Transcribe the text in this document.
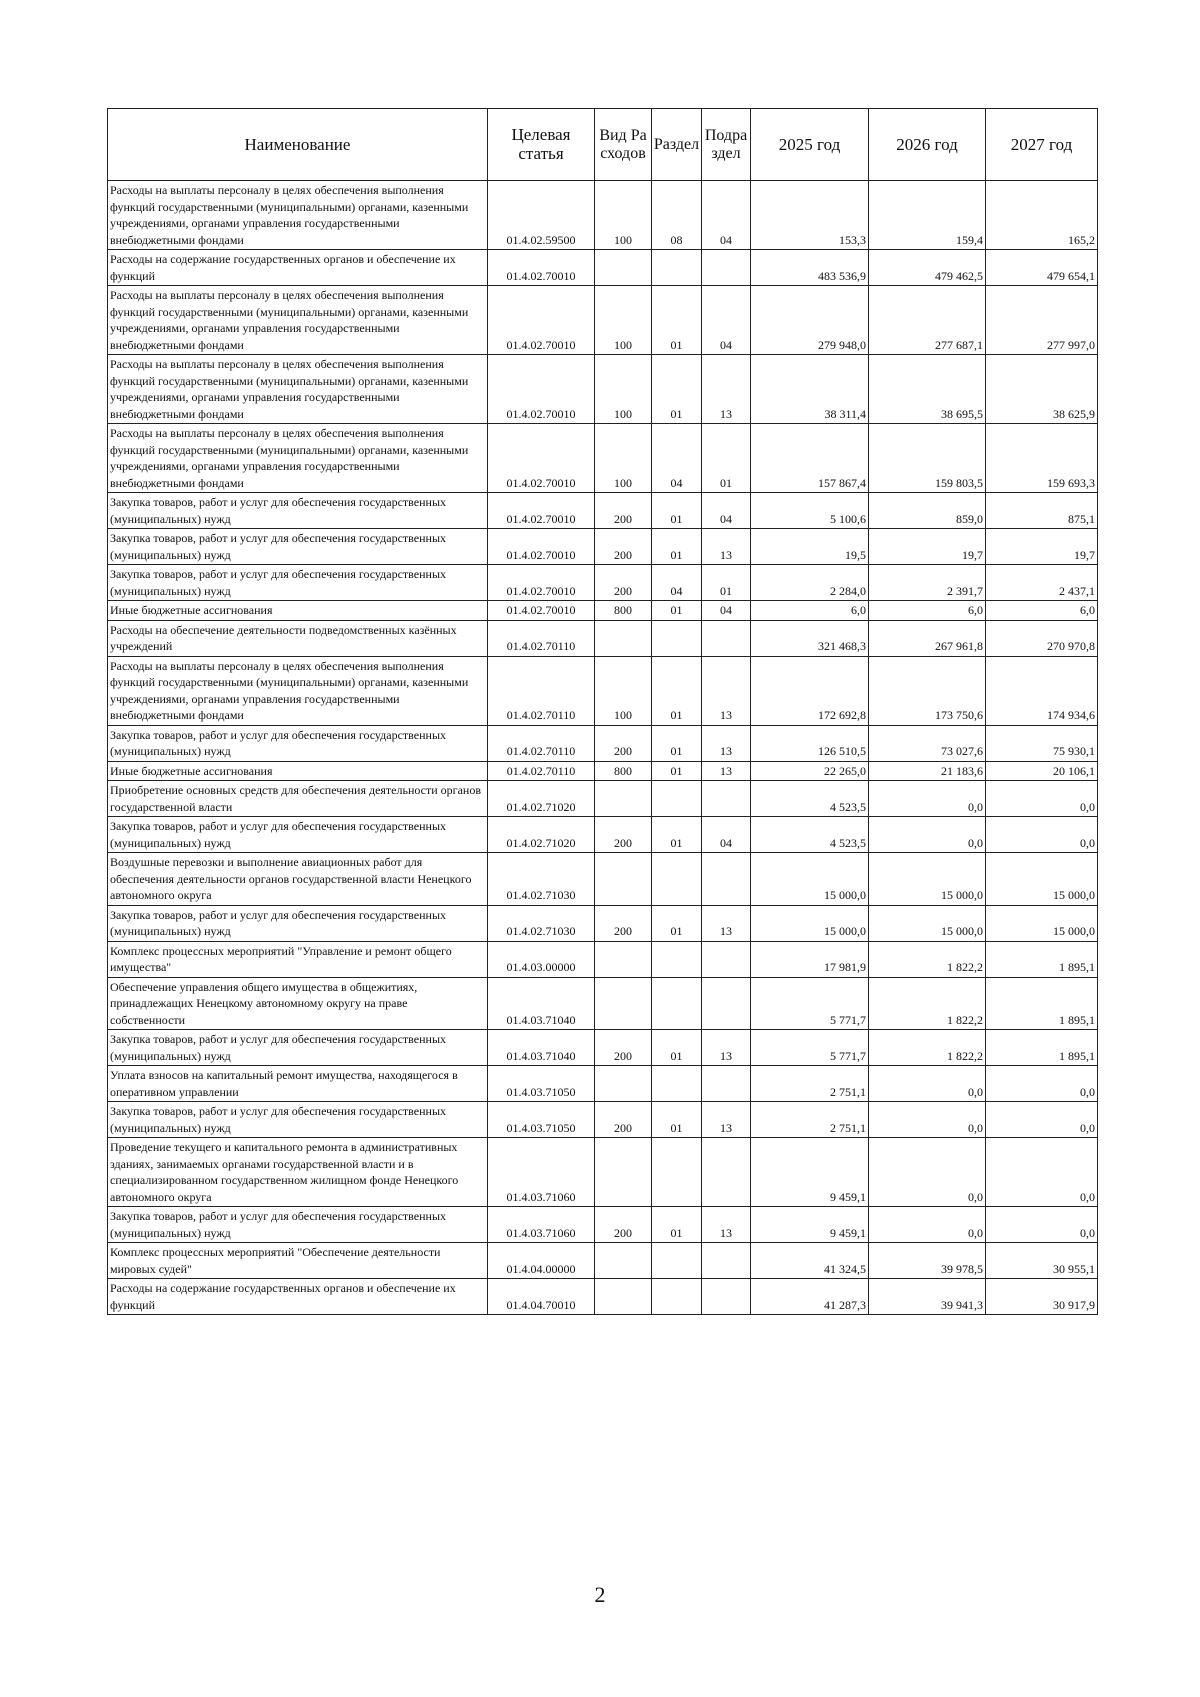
Наименование	Целевая статья	Вид Расходов	Раздел	Подраздел	2025 год	2026 год	2027 год
Расходы на выплаты персоналу в целях обеспечения выполнения функций государственными (муниципальными) органами, казенными учреждениями, органами управления государственными внебюджетными фондами	01.4.02.59500	100	08	04	153,3	159,4	165,2
Расходы на содержание государственных органов и обеспечение их функций	01.4.02.70010				483 536,9	479 462,5	479 654,1
Расходы на выплаты персоналу в целях обеспечения выполнения функций государственными (муниципальными) органами, казенными учреждениями, органами управления государственными внебюджетными фондами	01.4.02.70010	100	01	04	279 948,0	277 687,1	277 997,0
Расходы на выплаты персоналу в целях обеспечения выполнения функций государственными (муниципальными) органами, казенными учреждениями, органами управления государственными внебюджетными фондами	01.4.02.70010	100	01	13	38 311,4	38 695,5	38 625,9
Расходы на выплаты персоналу в целях обеспечения выполнения функций государственными (муниципальными) органами, казенными учреждениями, органами управления государственными внебюджетными фондами	01.4.02.70010	100	04	01	157 867,4	159 803,5	159 693,3
Закупка товаров, работ и услуг для обеспечения государственных (муниципальных) нужд	01.4.02.70010	200	01	04	5 100,6	859,0	875,1
Закупка товаров, работ и услуг для обеспечения государственных (муниципальных) нужд	01.4.02.70010	200	01	13	19,5	19,7	19,7
Закупка товаров, работ и услуг для обеспечения государственных (муниципальных) нужд	01.4.02.70010	200	04	01	2 284,0	2 391,7	2 437,1
Иные бюджетные ассигнования	01.4.02.70010	800	01	04	6,0	6,0	6,0
Расходы на обеспечение деятельности подведомственных казённых учреждений	01.4.02.70110				321 468,3	267 961,8	270 970,8
Расходы на выплаты персоналу в целях обеспечения выполнения функций государственными (муниципальными) органами, казенными учреждениями, органами управления государственными внебюджетными фондами	01.4.02.70110	100	01	13	172 692,8	173 750,6	174 934,6
Закупка товаров, работ и услуг для обеспечения государственных (муниципальных) нужд	01.4.02.70110	200	01	13	126 510,5	73 027,6	75 930,1
Иные бюджетные ассигнования	01.4.02.70110	800	01	13	22 265,0	21 183,6	20 106,1
Приобретение основных средств для обеспечения деятельности органов государственной власти	01.4.02.71020				4 523,5	0,0	0,0
Закупка товаров, работ и услуг для обеспечения государственных (муниципальных) нужд	01.4.02.71020	200	01	04	4 523,5	0,0	0,0
Воздушные перевозки и выполнение авиационных работ для обеспечения деятельности органов государственной власти Ненецкого автономного округа	01.4.02.71030				15 000,0	15 000,0	15 000,0
Закупка товаров, работ и услуг для обеспечения государственных (муниципальных) нужд	01.4.02.71030	200	01	13	15 000,0	15 000,0	15 000,0
Комплекс процессных мероприятий "Управление и ремонт общего имущества"	01.4.03.00000				17 981,9	1 822,2	1 895,1
Обеспечение управления общего имущества в общежитиях, принадлежащих Ненецкому автономному округу на праве собственности	01.4.03.71040				5 771,7	1 822,2	1 895,1
Закупка товаров, работ и услуг для обеспечения государственных (муниципальных) нужд	01.4.03.71040	200	01	13	5 771,7	1 822,2	1 895,1
Уплата взносов на капитальный ремонт имущества, находящегося в оперативном управлении	01.4.03.71050				2 751,1	0,0	0,0
Закупка товаров, работ и услуг для обеспечения государственных (муниципальных) нужд	01.4.03.71050	200	01	13	2 751,1	0,0	0,0
Проведение текущего и капитального ремонта в административных зданиях, занимаемых органами государственной власти и в специализированном государственном жилищном фонде Ненецкого автономного округа	01.4.03.71060				9 459,1	0,0	0,0
Закупка товаров, работ и услуг для обеспечения государственных (муниципальных) нужд	01.4.03.71060	200	01	13	9 459,1	0,0	0,0
Комплекс процессных мероприятий "Обеспечение деятельности мировых судей"	01.4.04.00000				41 324,5	39 978,5	30 955,1
Расходы на содержание государственных органов и обеспечение их функций	01.4.04.70010				41 287,3	39 941,3	30 917,9
2
